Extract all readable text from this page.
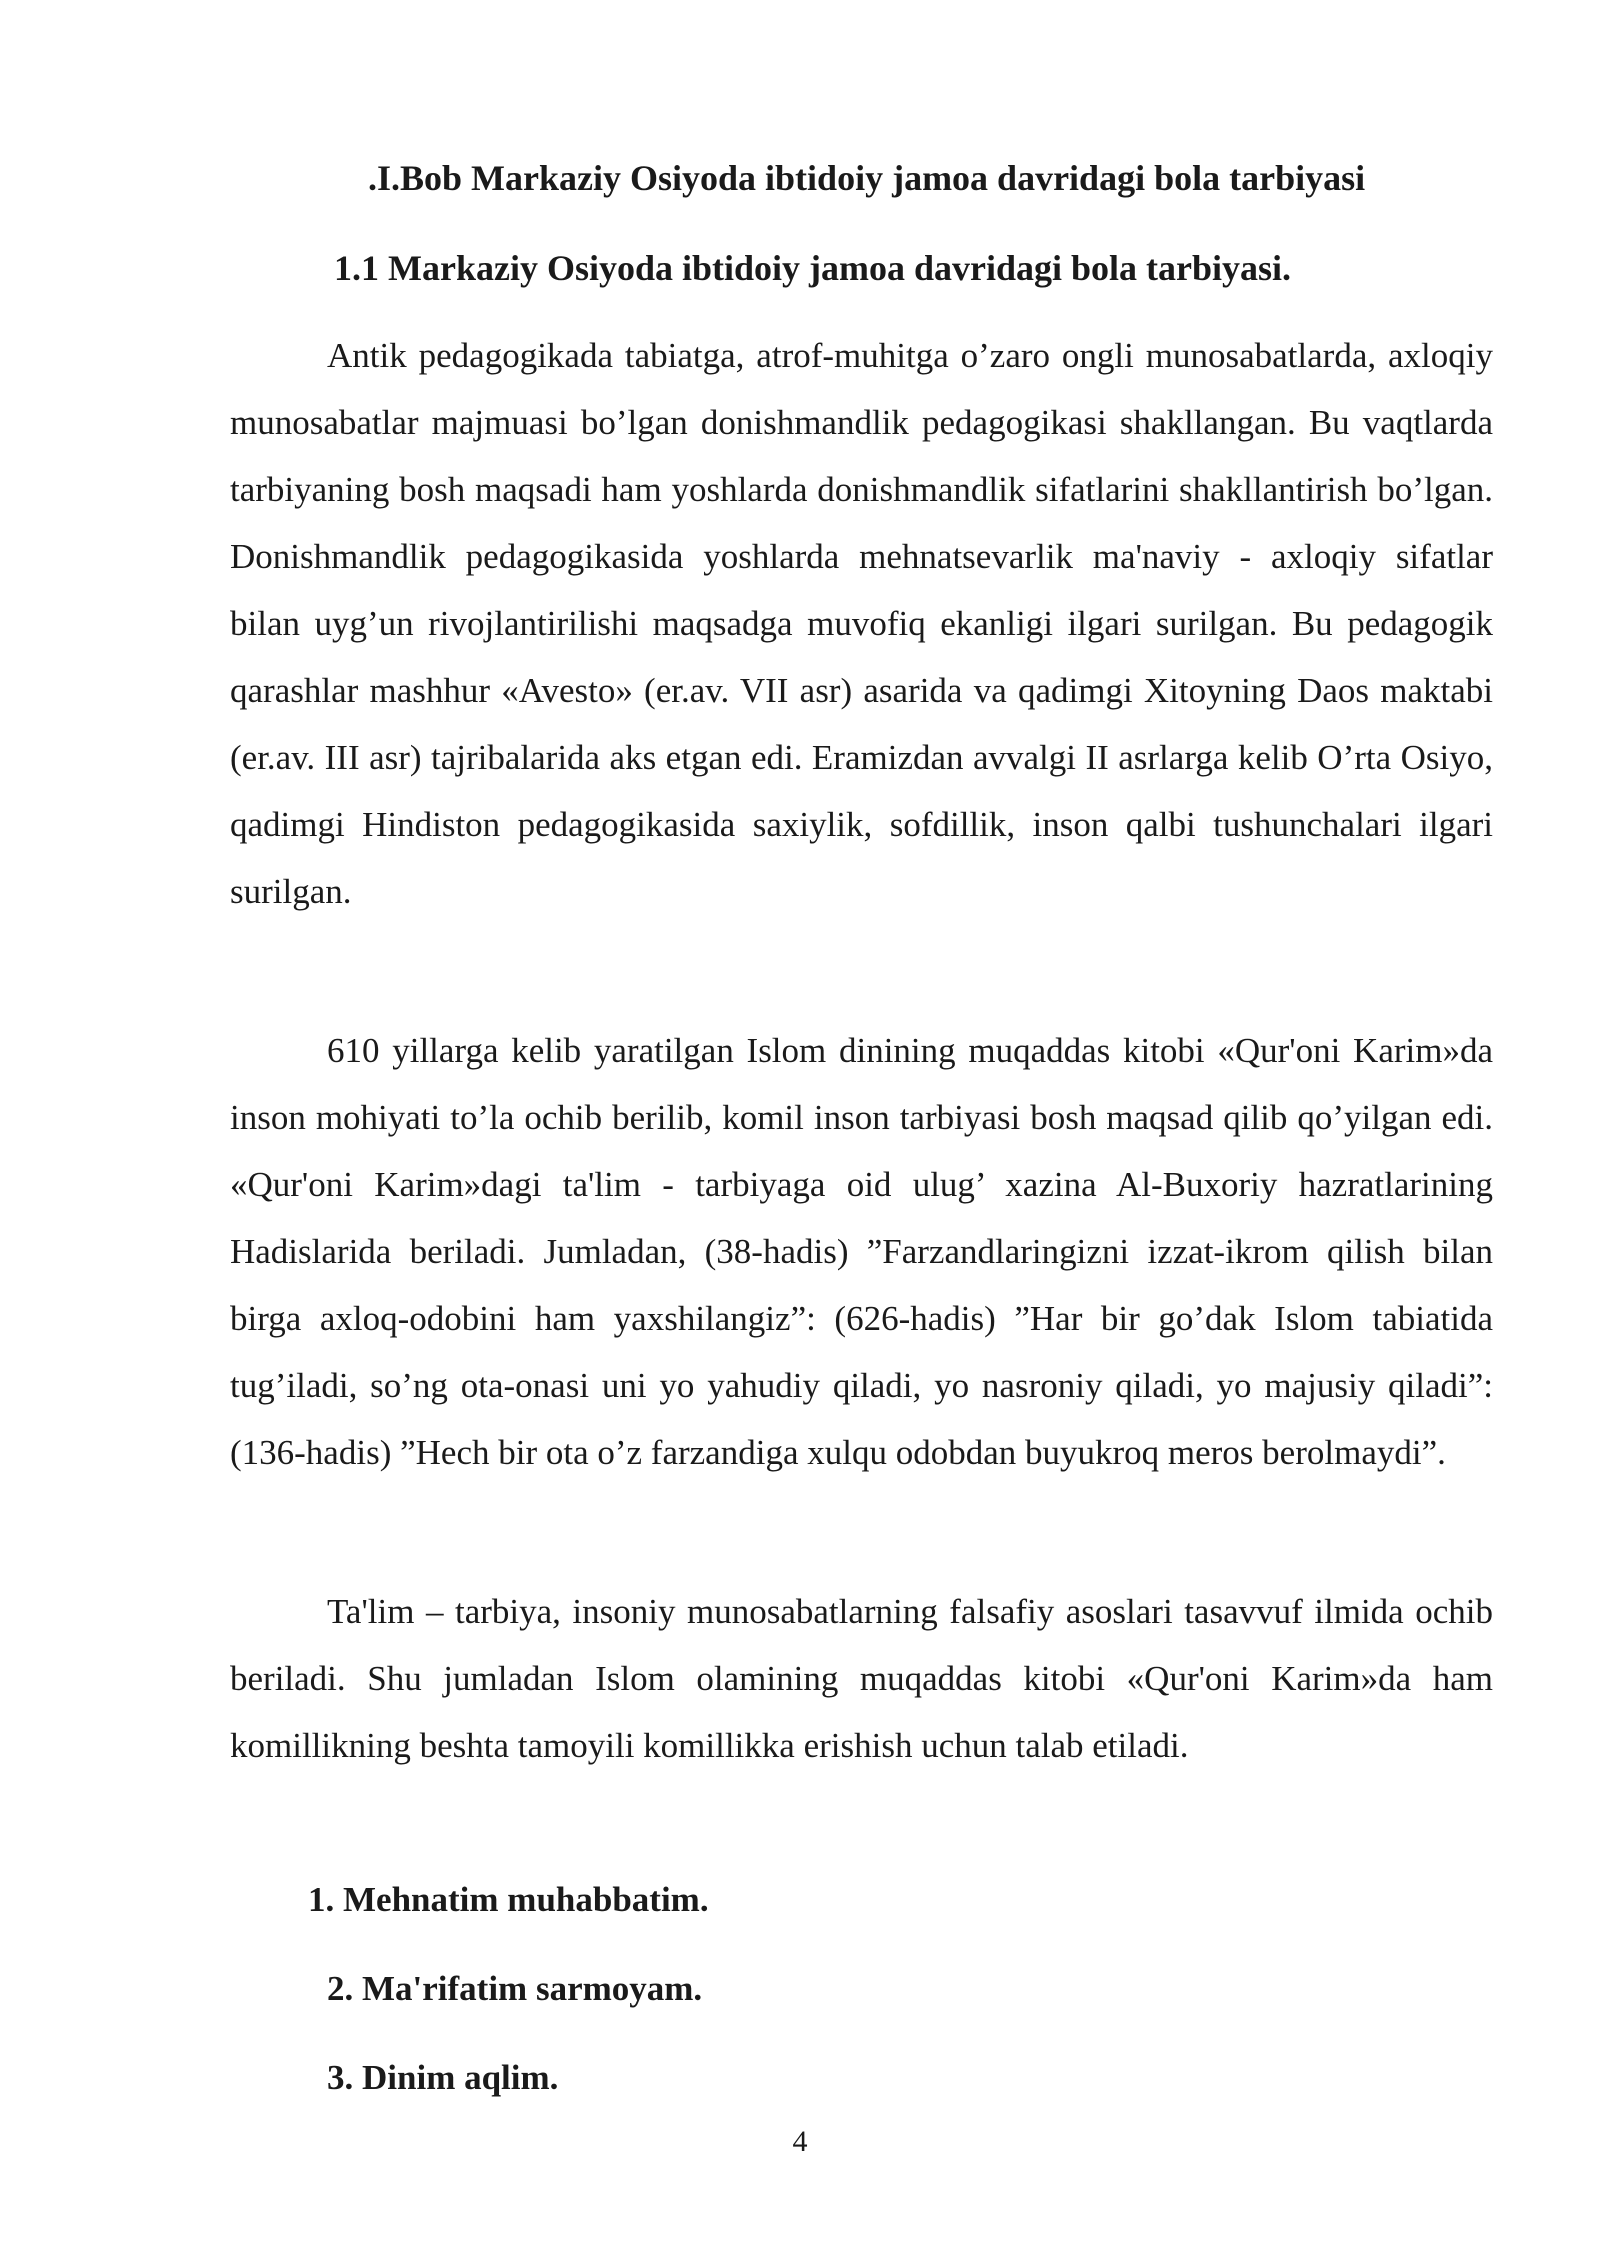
.I.Bob Markaziy Osiyoda ibtidoiy jamoa davridagi bola tarbiyasi
1.1 Markaziy Osiyoda ibtidoiy jamoa davridagi bola tarbiyasi.

Antik pedagogikada tabiatga, atrof-muhitga o’zaro ongli munosabatlarda, axloqiy munosabatlar majmuasi bo’lgan donishmandlik pedagogikasi shakllangan. Bu vaqtlarda tarbiyaning bosh maqsadi ham yoshlarda donishmandlik sifatlarini shakllantirish bo’lgan. Donishmandlik pedagogikasida yoshlarda mehnatsevarlik ma'naviy - axloqiy sifatlar bilan uyg’un rivojlantirilishi maqsadga muvofiq ekanligi ilgari surilgan. Bu pedagogik qarashlar mashhur «Avesto» (er.av. VII asr) asarida va qadimgi Xitoyning Daos maktabi (er.av. III asr) tajribalarida aks etgan edi. Eramizdan avvalgi II asrlarga kelib O’rta Osiyo, qadimgi Hindiston pedagogikasida saxiylik, sofdillik, inson qalbi tushunchalari ilgari surilgan.

610 yillarga kelib yaratilgan Islom dinining muqaddas kitobi «Qur'oni Karim»da inson mohiyati to’la ochib berilib, komil inson tarbiyasi bosh maqsad qilib qo’yilgan edi. «Qur'oni Karim»dagi ta'lim - tarbiyaga oid ulug’ xazina Al-Buxoriy hazratlarining Hadislarida beriladi. Jumladan, (38-hadis) ”Farzandlaringizni izzat-ikrom qilish bilan birga axloq-odobini ham yaxshilangiz”: (626-hadis) ”Har bir go’dak Islom tabiatida tug’iladi, so’ng ota-onasi uni yo yahudiy qiladi, yo nasroniy qiladi, yo majusiy qiladi”: (136-hadis) ”Hech bir ota o’z farzandiga xulqu odobdan buyukroq meros berolmaydi”.

Ta'lim – tarbiya, insoniy munosabatlarning falsafiy asoslari tasavvuf ilmida ochib beriladi. Shu jumladan Islom olamining muqaddas kitobi «Qur'oni Karim»da ham komillikning beshta tamoyili komillikka erishish uchun talab etiladi.

1. Mehnatim muhabbatim.

2. Ma'rifatim sarmoyam.

3. Dinim aqlim.

4
